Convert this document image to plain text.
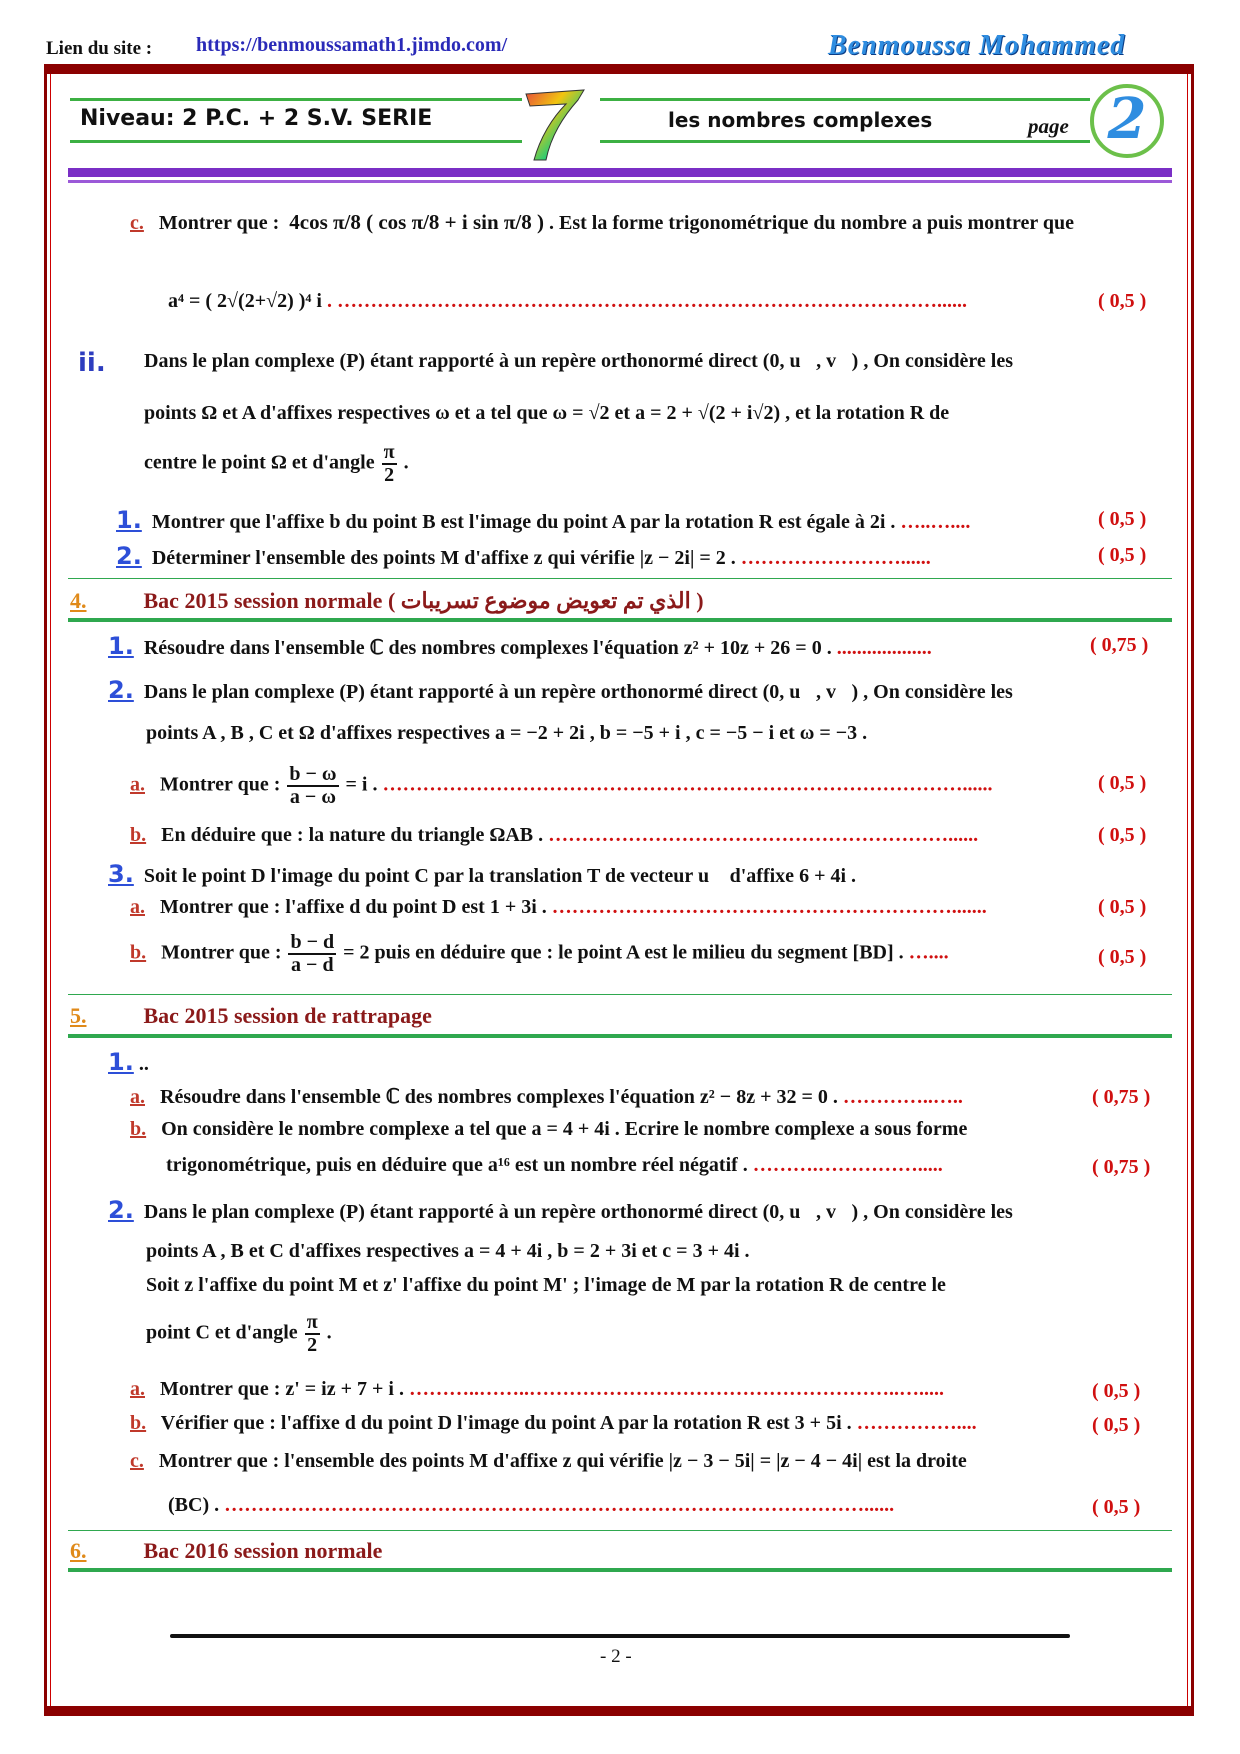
Lien du site : https://benmoussamath1.jimdo.com/	Benmoussa Mohammed
Niveau: 2 P.C. + 2 S.V. SERIE	les nombres complexes	page 2
c. Montrer que : 4cos π/8 ( cos π/8 + i sin π/8 ) . Est la forme trigonométrique du nombre a puis montrer que
a⁴ = ( 2√(2+√2) )⁴ i . ………………………………………………………………………………......	( 0,5 )
ii. Dans le plan complexe (P) étant rapporté à un repère orthonormé direct (0, u⃗, v⃗) , On considère les
points Ω et A d'affixes respectives ω et a tel que ω = √2 et a = 2 + √(2 + i√2) , et la rotation R de
centre le point Ω et d'angle $\frac{\pi}{2}$ .
1. Montrer que l'affixe b du point B est l'image du point A par la rotation R est égale à 2i . …..…....	( 0,5 )
2. Déterminer l'ensemble des points M d'affixe z qui vérifie |z − 2i| = 2 . ……………………......	( 0,5 )
4.	Bac 2015 session normale ( الذي تم تعويض موضوع تسريبات )
1. Résoudre dans l'ensemble ℂ des nombres complexes l'équation z² + 10z + 26 = 0 . ...................	( 0,75 )
2. Dans le plan complexe (P) étant rapporté à un repère orthonormé direct (0, u⃗, v⃗) , On considère les
points A , B , C et Ω d'affixes respectives a = −2 + 2i , b = −5 + i , c = −5 − i et ω = −3 .
a. Montrer que : $\frac{b - \omega}{a - \omega} = i$ . ……………………………………………………………………………......	( 0,5 )
b. En déduire que : la nature du triangle ΩAB . ……………………………………………………......	( 0,5 )
3. Soit le point D l'image du point C par la translation T de vecteur u⃗ d'affixe 6 + 4i .
a. Montrer que : l'affixe d du point D est 1 + 3i . …………………………………………………….......	( 0,5 )
b. Montrer que : $\frac{b - d}{a - d} = 2$ puis en déduire que : le point A est le milieu du segment [BD] . …....	( 0,5 )
5.	Bac 2015 session de rattrapage
1. ..
a. Résoudre dans l'ensemble ℂ des nombres complexes l'équation z² − 8z + 32 = 0 . …………..…..	( 0,75 )
b. On considère le nombre complexe a tel que a = 4 + 4i . Ecrire le nombre complexe a sous forme
trigonométrique, puis en déduire que a¹⁶ est un nombre réel négatif . ……….…………….....	( 0,75 )
2. Dans le plan complexe (P) étant rapporté à un repère orthonormé direct (0, u⃗, v⃗) , On considère les
points A , B et C d'affixes respectives a = 4 + 4i , b = 2 + 3i et c = 3 + 4i .
Soit z l'affixe du point M et z' l'affixe du point M' ; l'image de M par la rotation R de centre le
point C et d'angle $\frac{\pi}{2}$ .
a. Montrer que : z' = iz + 7 + i . ………..……..………………………………………………..….....	( 0,5 )
b. Vérifier que : l'affixe d du point D l'image du point A par la rotation R est 3 + 5i . ……………....	( 0,5 )
c. Montrer que : l'ensemble des points M d'affixe z qui vérifie |z − 3 − 5i| = |z − 4 − 4i| est la droite
(BC) . ……………………………………………………………………………………......	( 0,5 )
6.	Bac 2016 session normale
- 2 -
